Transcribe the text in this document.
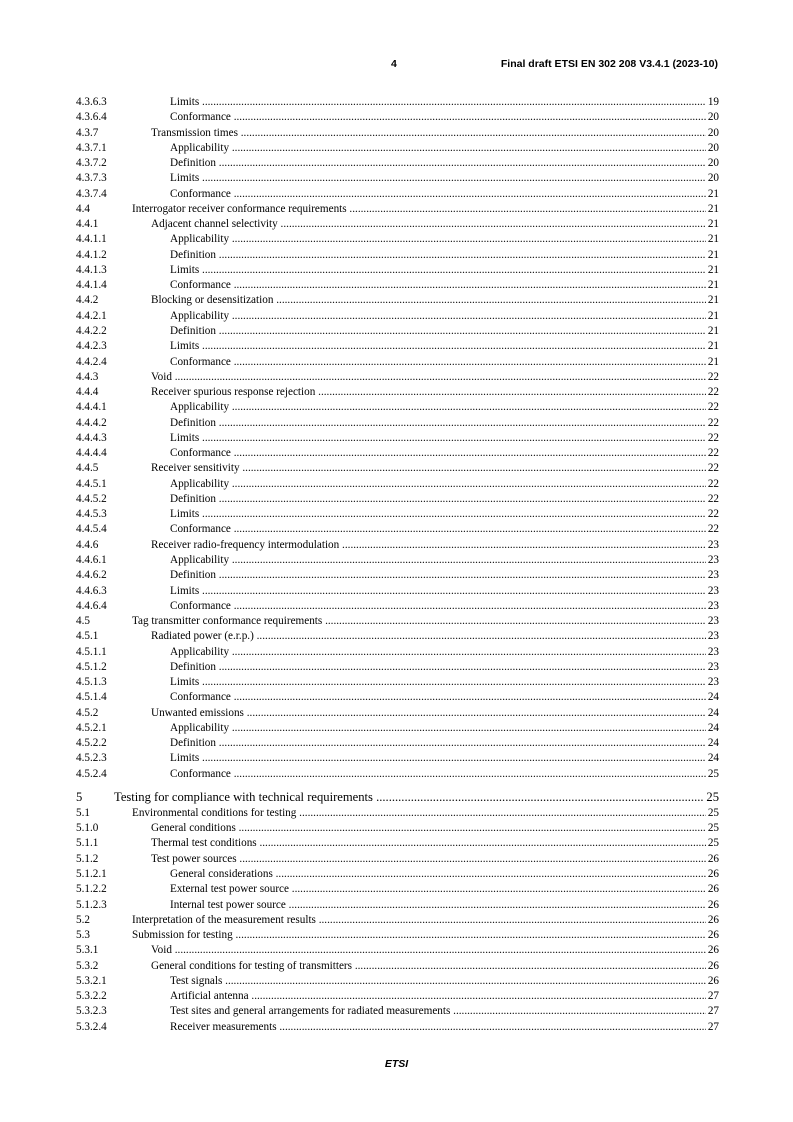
4	Final draft ETSI EN 302 208 V3.4.1 (2023-10)
4.3.6.3	Limits .....	19
4.3.6.4	Conformance .....	20
4.3.7	Transmission times .....	20
4.3.7.1	Applicability .....	20
4.3.7.2	Definition .....	20
4.3.7.3	Limits .....	20
4.3.7.4	Conformance .....	21
4.4	Interrogator receiver conformance requirements .....	21
4.4.1	Adjacent channel selectivity .....	21
4.4.1.1	Applicability .....	21
4.4.1.2	Definition .....	21
4.4.1.3	Limits .....	21
4.4.1.4	Conformance .....	21
4.4.2	Blocking or desensitization .....	21
4.4.2.1	Applicability .....	21
4.4.2.2	Definition .....	21
4.4.2.3	Limits .....	21
4.4.2.4	Conformance .....	21
4.4.3	Void .....	22
4.4.4	Receiver spurious response rejection .....	22
4.4.4.1	Applicability .....	22
4.4.4.2	Definition .....	22
4.4.4.3	Limits .....	22
4.4.4.4	Conformance .....	22
4.4.5	Receiver sensitivity .....	22
4.4.5.1	Applicability .....	22
4.4.5.2	Definition .....	22
4.4.5.3	Limits .....	22
4.4.5.4	Conformance .....	22
4.4.6	Receiver radio-frequency intermodulation .....	23
4.4.6.1	Applicability .....	23
4.4.6.2	Definition .....	23
4.4.6.3	Limits .....	23
4.4.6.4	Conformance .....	23
4.5	Tag transmitter conformance requirements .....	23
4.5.1	Radiated power (e.r.p.) .....	23
4.5.1.1	Applicability .....	23
4.5.1.2	Definition .....	23
4.5.1.3	Limits .....	23
4.5.1.4	Conformance .....	24
4.5.2	Unwanted emissions .....	24
4.5.2.1	Applicability .....	24
4.5.2.2	Definition .....	24
4.5.2.3	Limits .....	24
4.5.2.4	Conformance .....	25
5	Testing for compliance with technical requirements .....	25
5.1	Environmental conditions for testing .....	25
5.1.0	General conditions .....	25
5.1.1	Thermal test conditions .....	25
5.1.2	Test power sources .....	26
5.1.2.1	General considerations .....	26
5.1.2.2	External test power source .....	26
5.1.2.3	Internal test power source .....	26
5.2	Interpretation of the measurement results .....	26
5.3	Submission for testing .....	26
5.3.1	Void .....	26
5.3.2	General conditions for testing of transmitters .....	26
5.3.2.1	Test signals .....	26
5.3.2.2	Artificial antenna .....	27
5.3.2.3	Test sites and general arrangements for radiated measurements .....	27
5.3.2.4	Receiver measurements .....	27
ETSI
